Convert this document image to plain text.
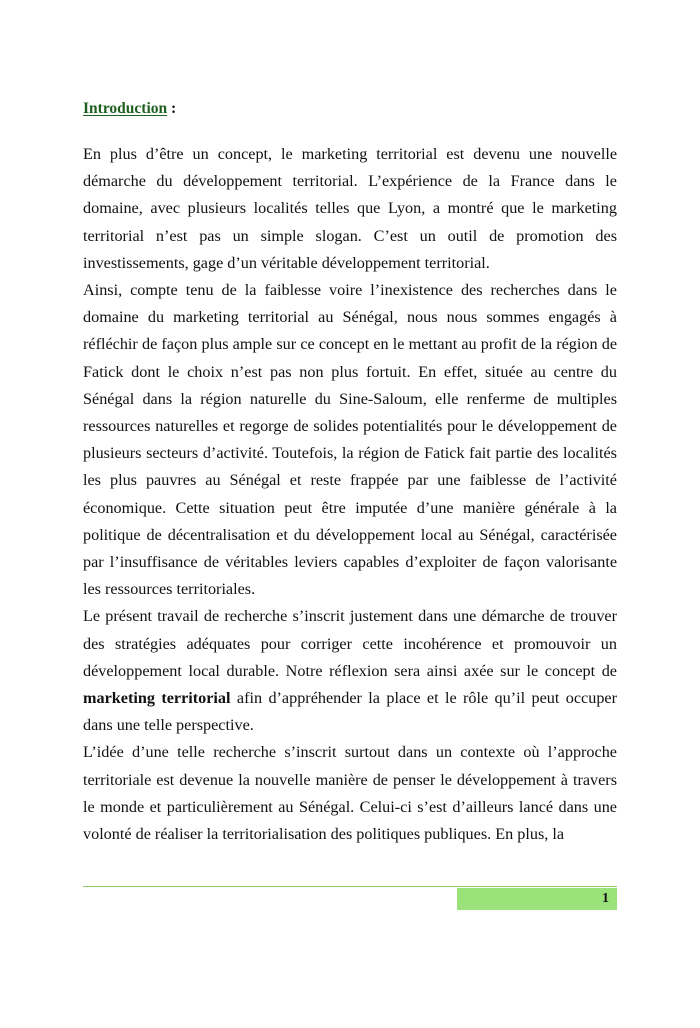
Introduction :

En plus d’être un concept, le marketing territorial est devenu une nouvelle démarche du développement territorial. L’expérience de la France dans le domaine, avec plusieurs localités telles que Lyon, a montré que le marketing territorial n’est pas un simple slogan. C’est un outil de promotion des investissements, gage d’un véritable développement territorial.

Ainsi, compte tenu de la faiblesse voire l’inexistence des recherches dans le domaine du marketing territorial au Sénégal, nous nous sommes engagés à réfléchir de façon plus ample sur ce concept en le mettant au profit de la région de Fatick dont le choix n’est pas non plus fortuit. En effet, située au centre du Sénégal dans la région naturelle du Sine-Saloum, elle renferme de multiples ressources naturelles et regorge de solides potentialités pour le développement de plusieurs secteurs d’activité. Toutefois, la région de Fatick fait partie des localités les plus pauvres au Sénégal et reste frappée par une faiblesse de l’activité économique. Cette situation peut être imputée d’une manière générale à la politique de décentralisation et du développement local au Sénégal, caractérisée par l’insuffisance de véritables leviers capables d’exploiter de façon valorisante les ressources territoriales.

Le présent travail de recherche s’inscrit justement dans une démarche de trouver des stratégies adéquates pour corriger cette incohérence et promouvoir un développement local durable. Notre réflexion sera ainsi axée sur le concept de marketing territorial afin d’appréhender la place et le rôle qu’il peut occuper dans une telle perspective.

L’idée d’une telle recherche s’inscrit surtout dans un contexte où l’approche territoriale est devenue la nouvelle manière de penser le développement à travers le monde et particulièrement au Sénégal. Celui-ci s’est d’ailleurs lancé dans une volonté de réaliser la territorialisation des politiques publiques. En plus, la

1
